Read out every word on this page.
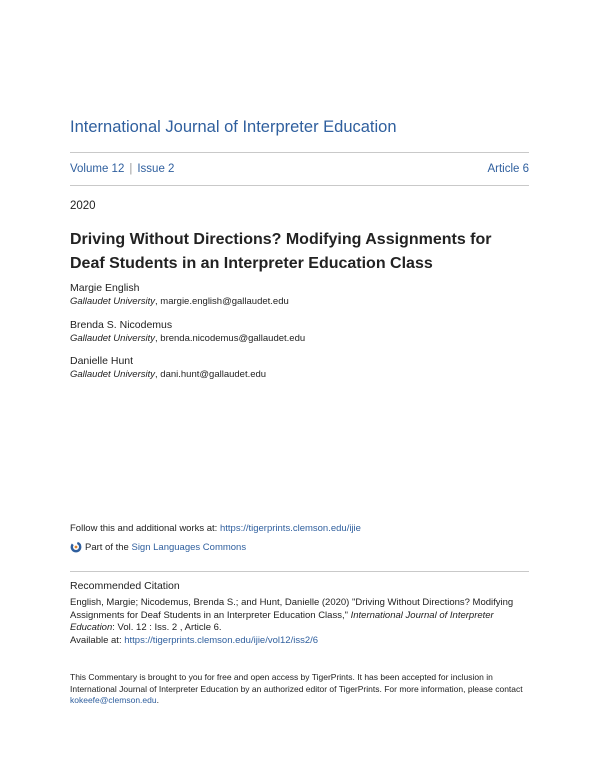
International Journal of Interpreter Education
Volume 12 | Issue 2	Article 6
2020
Driving Without Directions? Modifying Assignments for Deaf Students in an Interpreter Education Class
Margie English
Gallaudet University, margie.english@gallaudet.edu
Brenda S. Nicodemus
Gallaudet University, brenda.nicodemus@gallaudet.edu
Danielle Hunt
Gallaudet University, dani.hunt@gallaudet.edu
Follow this and additional works at: https://tigerprints.clemson.edu/ijie
Part of the
Sign Languages Commons
Recommended Citation
English, Margie; Nicodemus, Brenda S.; and Hunt, Danielle (2020) "Driving Without Directions? Modifying Assignments for Deaf Students in an Interpreter Education Class," International Journal of Interpreter Education: Vol. 12 : Iss. 2 , Article 6.
Available at: https://tigerprints.clemson.edu/ijie/vol12/iss2/6
This Commentary is brought to you for free and open access by TigerPrints. It has been accepted for inclusion in International Journal of Interpreter Education by an authorized editor of TigerPrints. For more information, please contact kokeefe@clemson.edu.
